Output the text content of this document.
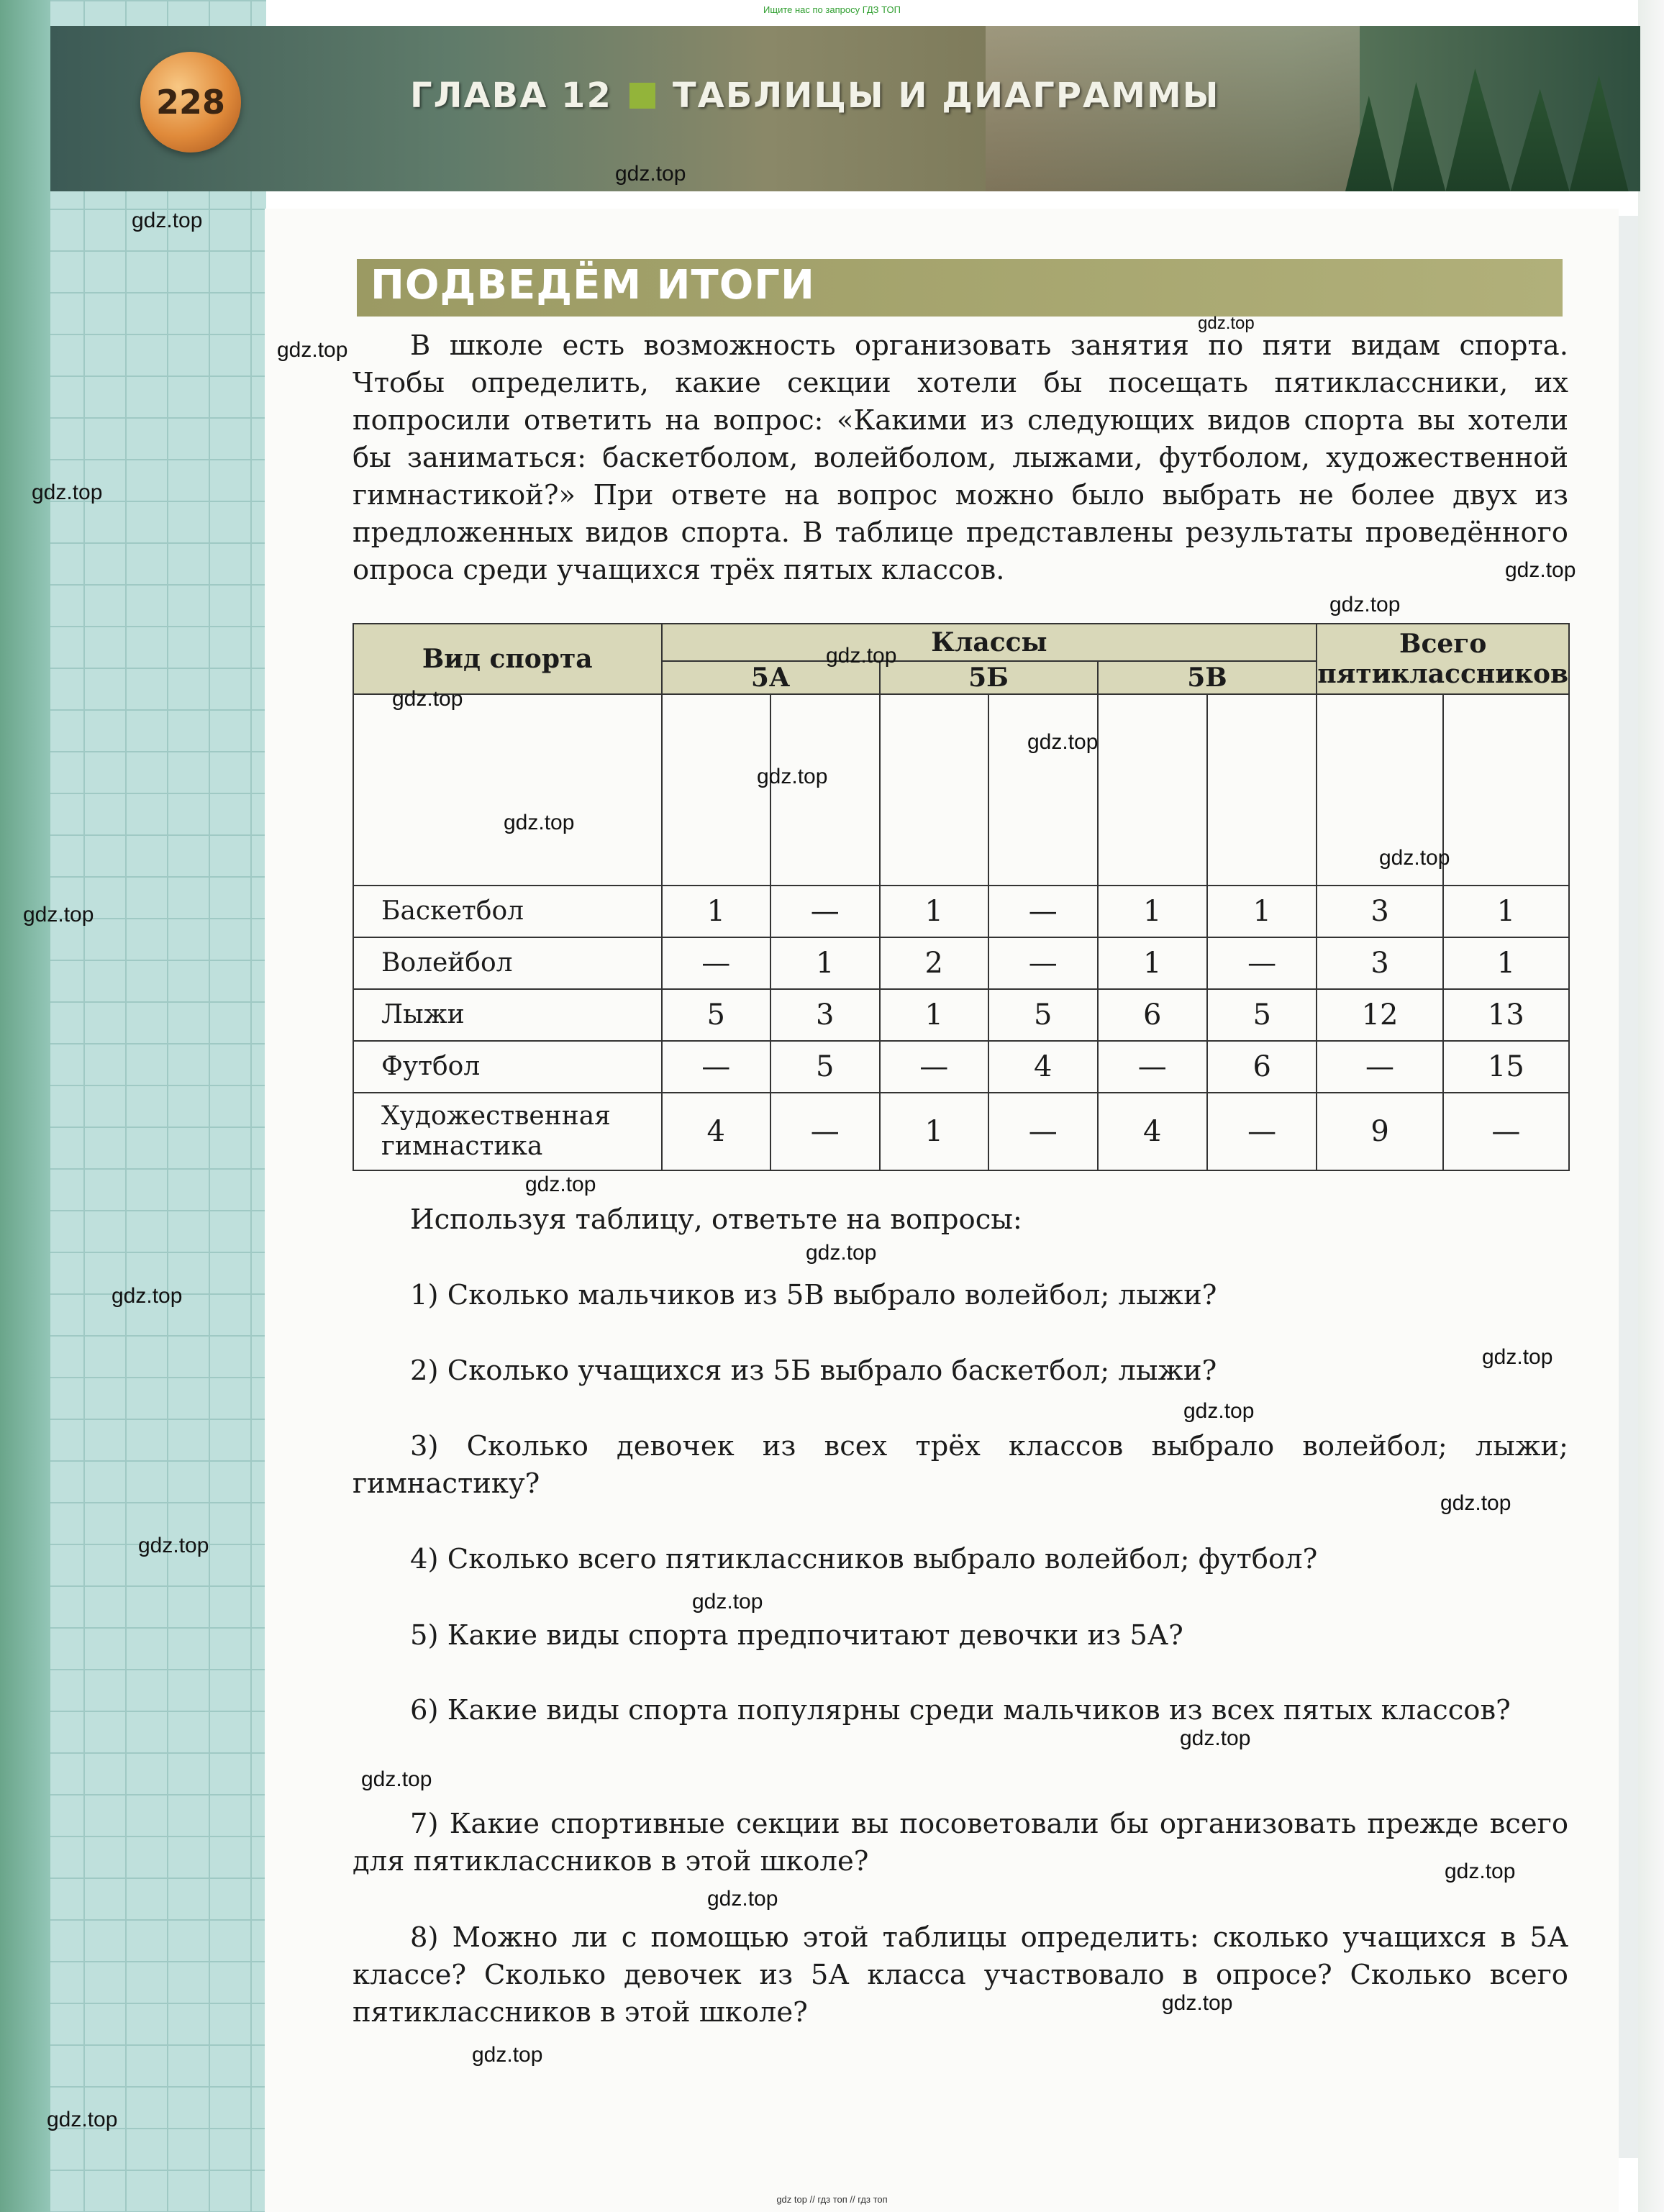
Ищите нас по запросу ГДЗ ТОП
228	ГЛАВА 12 ТАБЛИЦЫ И ДИАГРАММЫ
ПОДВЕДЁМ ИТОГИ
В школе есть возможность организовать занятия по пяти видам спорта. Чтобы определить, какие секции хотели бы посещать пятиклассники, их попросили ответить на вопрос: «Какими из следующих видов спорта вы хотели бы заниматься: баскетболом, волейболом, лыжами, футболом, художественной гимнастикой?» При ответе на вопрос можно было выбрать не более двух из предложенных видов спорта. В таблице представлены результаты проведённого опроса среди учащихся трёх пятых классов.
Вид спорта	Классы						Всего пятиклассников	
	5А		5Б		5В			

Баскетбол	1	—	1	—	1	1	3	1
Волейбол	—	1	2	—	1	—	3	1
Лыжи	5	3	1	5	6	5	12	13
Футбол	—	5	—	4	—	6	—	15
Художественная гимнастика	4	—	1	—	4	—	9	—
Используя таблицу, ответьте на вопросы:
1) Сколько мальчиков из 5В выбрало волейбол; лыжи?
2) Сколько учащихся из 5Б выбрало баскетбол; лыжи?
3) Сколько девочек из всех трёх классов выбрало волейбол; лыжи; гимнастику?
4) Сколько всего пятиклассников выбрало волейбол; футбол?
5) Какие виды спорта предпочитают девочки из 5А?
6) Какие виды спорта популярны среди мальчиков из всех пятых классов?
7) Какие спортивные секции вы посоветовали бы организовать прежде всего для пятиклассников в этой школе?
8) Можно ли с помощью этой таблицы определить: сколько учащихся в 5А классе? Сколько девочек из 5А класса участвовало в опросе? Сколько всего пятиклассников в этой школе?
gdz.top
gdz.top
gdz.top
gdz.top
gdz.top
gdz.top
gdz.top
gdz.top
gdz.top
gdz.top
gdz.top
gdz.top
gdz.top
gdz.top
gdz.top
gdz.top
gdz.top
gdz.top
gdz.top
gdz.top
gdz.top
gdz.top
gdz.top
gdz.top
gdz.top
gdz.top
gdz.top
gdz.top
gdz.top
gdz top // гдз топ // гдз топ
